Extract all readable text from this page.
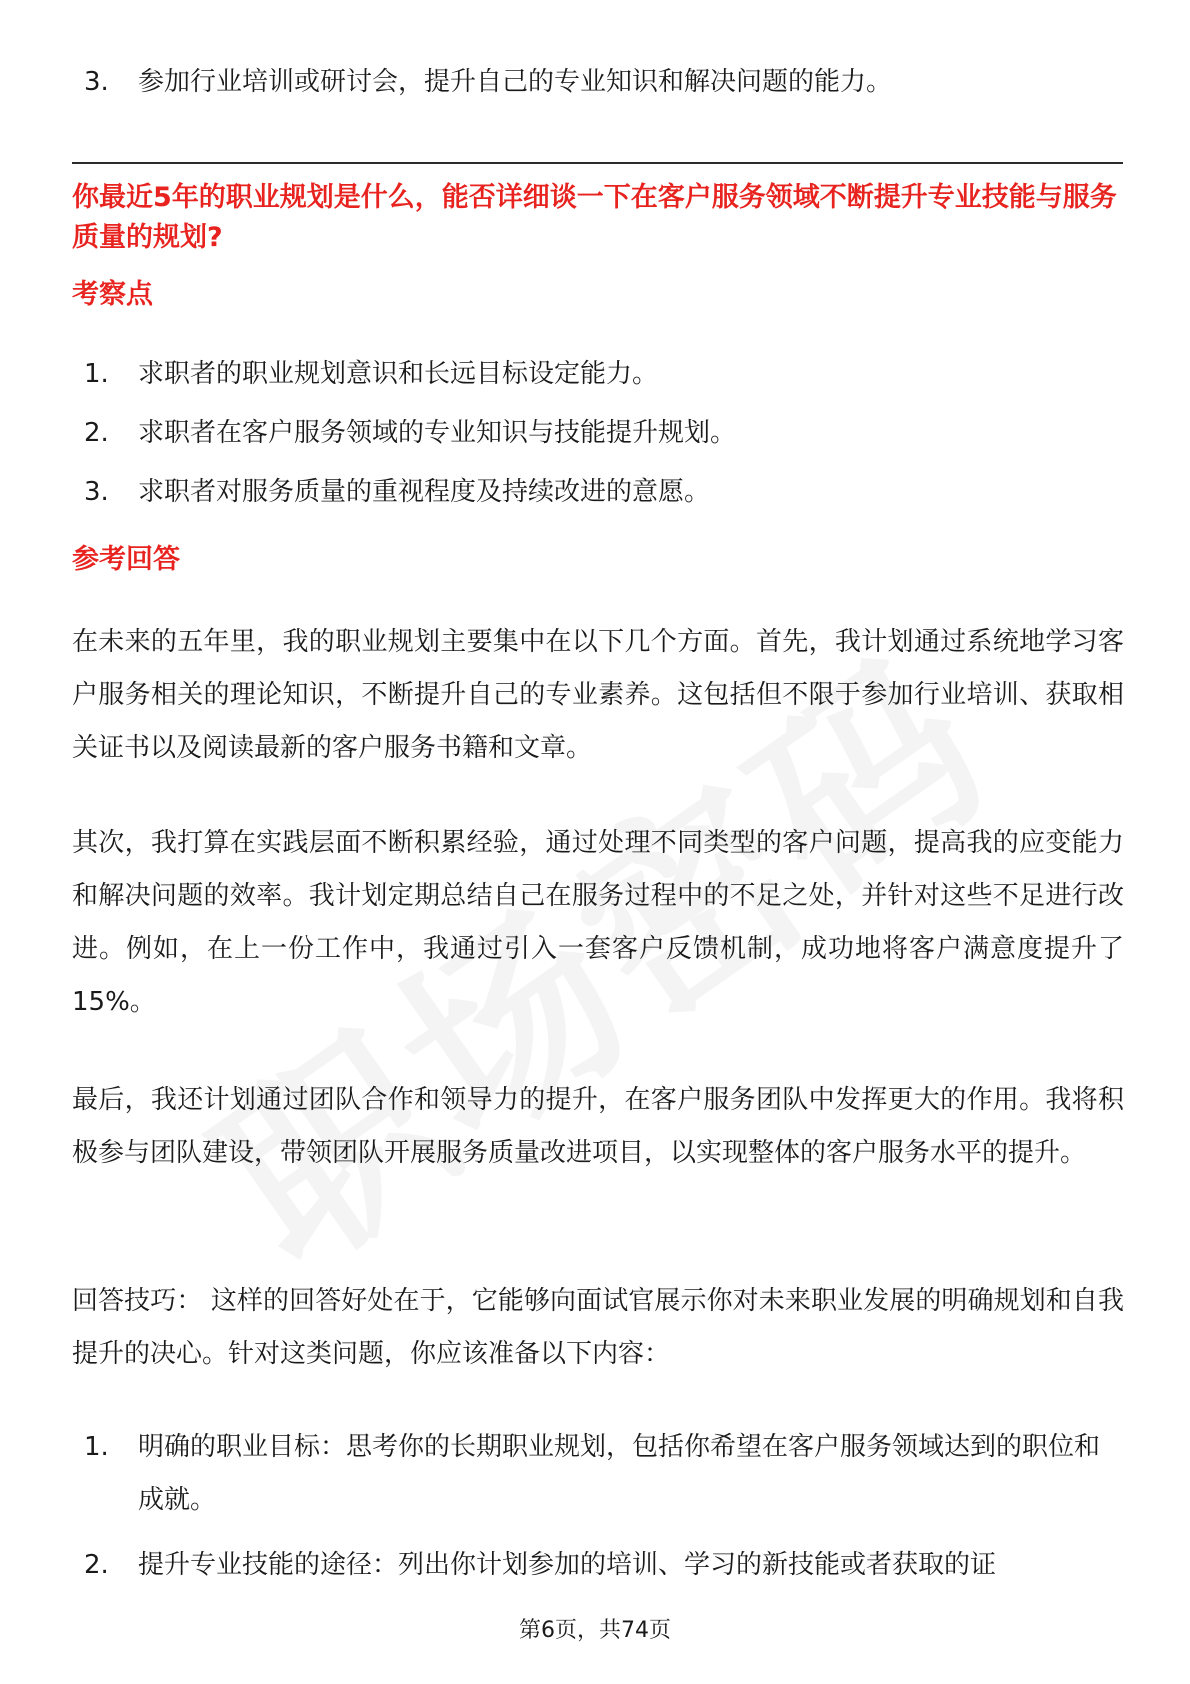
3.	参加行业培训或研讨会，提升自己的专业知识和解决问题的能力。
你最近5年的职业规划是什么，能否详细谈一下在客户服务领域不断提升专业技能与服务质量的规划?
考察点
1.	求职者的职业规划意识和长远目标设定能力。
2.	求职者在客户服务领域的专业知识与技能提升规划。
3.	求职者对服务质量的重视程度及持续改进的意愿。
参考回答

在未来的五年里，我的职业规划主要集中在以下几个方面。首先，我计划通过系统地学习客户服务相关的理论知识，不断提升自己的专业素养。这包括但不限于参加行业培训、获取相关证书以及阅读最新的客户服务书籍和文章。

其次，我打算在实践层面不断积累经验，通过处理不同类型的客户问题，提高我的应变能力和解决问题的效率。我计划定期总结自己在服务过程中的不足之处，并针对这些不足进行改进。例如，在上一份工作中，我通过引入一套客户反馈机制，成功地将客户满意度提升了15%。

最后，我还计划通过团队合作和领导力的提升，在客户服务团队中发挥更大的作用。我将积极参与团队建设，带领团队开展服务质量改进项目，以实现整体的客户服务水平的提升。

回答技巧： 这样的回答好处在于，它能够向面试官展示你对未来职业发展的明确规划和自我提升的决心。针对这类问题，你应该准备以下内容：

1.	明确的职业目标：思考你的长期职业规划，包括你希望在客户服务领域达到的职位和成就。
2.	提升专业技能的途径：列出你计划参加的培训、学习的新技能或者获取的证
第6页，共74页
